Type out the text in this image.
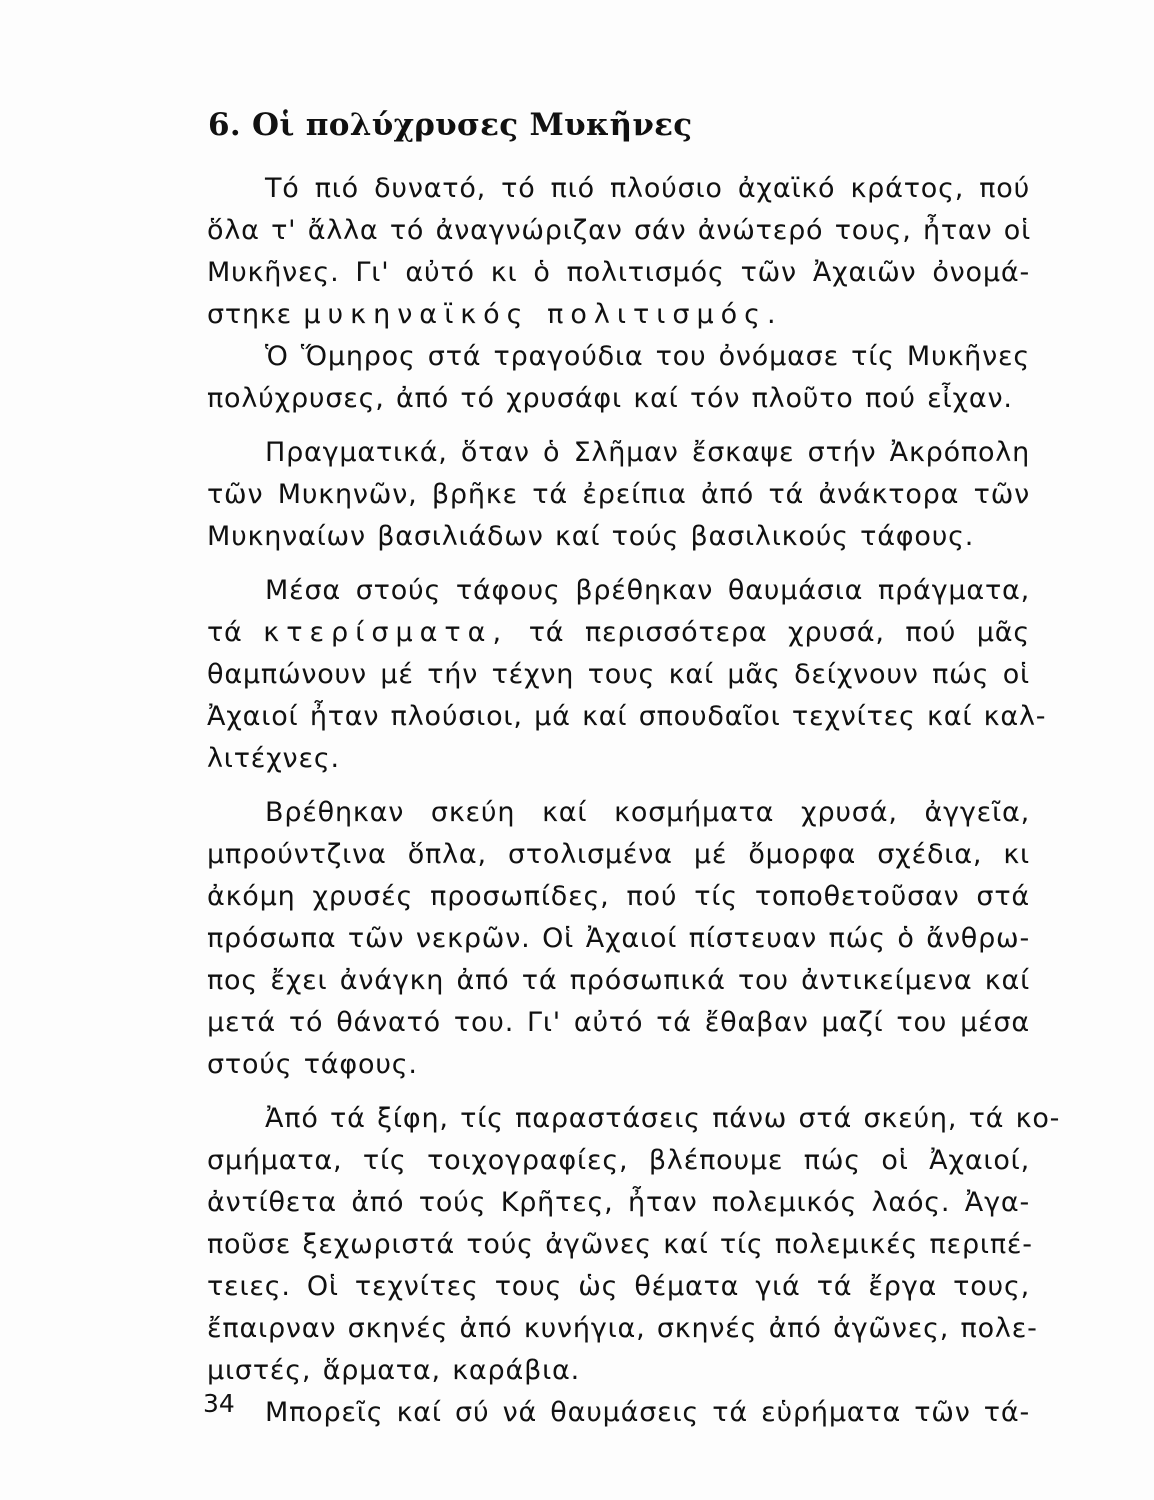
6. Οἱ πολύχρυσες Μυκῆνες
Τό πιό δυνατό, τό πιό πλούσιο ἀχαϊκό κράτος, πού
ὅλα τ' ἄλλα τό ἀναγνώριζαν σάν ἀνώτερό τους, ἦταν οἱ
Μυκῆνες. Γι' αὐτό κι ὁ πολιτισμός τῶν Ἀχαιῶν ὀνομά-
στηκε μυκηναϊκός πολιτισμός.
Ὁ Ὅμηρος στά τραγούδια του ὀνόμασε τίς Μυκῆνες
πολύχρυσες, ἀπό τό χρυσάφι καί τόν πλοῦτο πού εἶχαν.
Πραγματικά, ὅταν ὁ Σλῆμαν ἔσκαψε στήν Ἀκρόπολη
τῶν Μυκηνῶν, βρῆκε τά ἐρείπια ἀπό τά ἀνάκτορα τῶν
Μυκηναίων βασιλιάδων καί τούς βασιλικούς τάφους.
Μέσα στούς τάφους βρέθηκαν θαυμάσια πράγματα,
τά κτερίσματα, τά περισσότερα χρυσά, πού μᾶς
θαμπώνουν μέ τήν τέχνη τους καί μᾶς δείχνουν πώς οἱ
Ἀχαιοί ἦταν πλούσιοι, μά καί σπουδαῖοι τεχνίτες καί καλ-
λιτέχνες.
Βρέθηκαν σκεύη καί κοσμήματα χρυσά, ἀγγεῖα,
μπρούντζινα ὅπλα, στολισμένα μέ ὄμορφα σχέδια, κι
ἀκόμη χρυσές προσωπίδες, πού τίς τοποθετοῦσαν στά
πρόσωπα τῶν νεκρῶν. Οἱ Ἀχαιοί πίστευαν πώς ὁ ἄνθρω-
πος ἔχει ἀνάγκη ἀπό τά πρόσωπικά του ἀντικείμενα καί
μετά τό θάνατό του. Γι' αὐτό τά ἔθαβαν μαζί του μέσα
στούς τάφους.
Ἀπό τά ξίφη, τίς παραστάσεις πάνω στά σκεύη, τά κο-
σμήματα, τίς τοιχογραφίες, βλέπουμε πώς οἱ Ἀχαιοί,
ἀντίθετα ἀπό τούς Κρῆτες, ἦταν πολεμικός λαός. Ἀγα-
ποῦσε ξεχωριστά τούς ἀγῶνες καί τίς πολεμικές περιπέ-
τειες. Οἱ τεχνίτες τους ὡς θέματα γιά τά ἔργα τους,
ἔπαιρναν σκηνές ἀπό κυνήγια, σκηνές ἀπό ἀγῶνες, πολε-
μιστές, ἅρματα, καράβια.
Μπορεῖς καί σύ νά θαυμάσεις τά εὑρήματα τῶν τά-
34
